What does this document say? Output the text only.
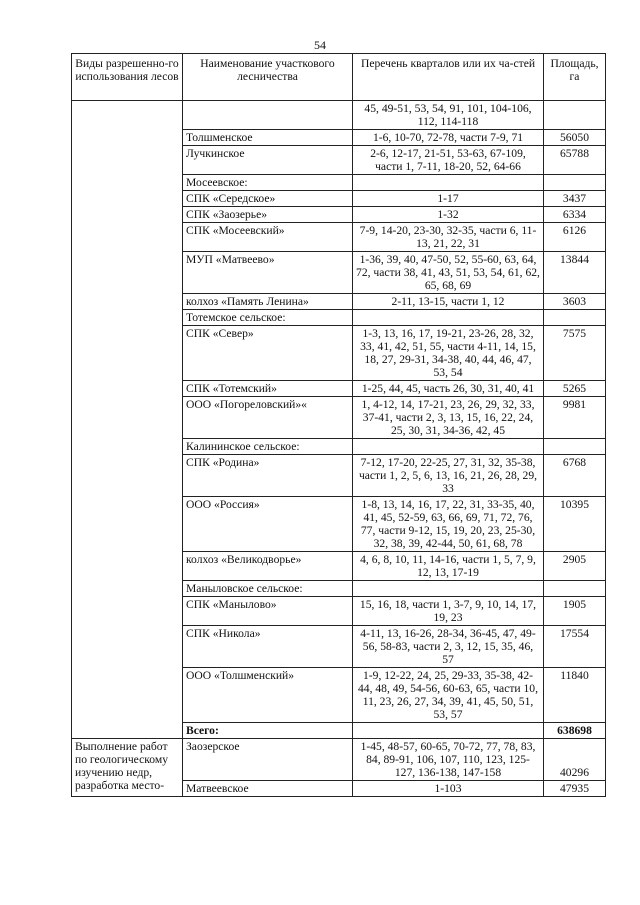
54
Виды разрешенно-го использования лесов	Наименование участкового лесничества	Перечень кварталов или их ча-стей	Площадь, га
		45, 49-51, 53, 54, 91, 101, 104-106, 112, 114-118	
	Толшменское	1-6, 10-70, 72-78, части 7-9, 71	56050
	Лучкинское	2-6, 12-17, 21-51, 53-63, 67-109, части 1, 7-11, 18-20, 52, 64-66	65788
	Мосеевское:		
	СПК «Середское»	1-17	3437
	СПК «Заозерье»	1-32	6334
	СПК «Мосеевский»	7-9, 14-20, 23-30, 32-35, части 6, 11-13, 21, 22, 31	6126
	МУП «Матвеево»	1-36, 39, 40, 47-50, 52, 55-60, 63, 64, 72, части 38, 41, 43, 51, 53, 54, 61, 62, 65, 68, 69	13844
	колхоз «Память Ленина»	2-11, 13-15, части 1, 12	3603
	Тотемское сельское:		
	СПК «Север»	1-3, 13, 16, 17, 19-21, 23-26, 28, 32, 33, 41, 42, 51, 55, части 4-11, 14, 15, 18, 27, 29-31, 34-38, 40, 44, 46, 47, 53, 54	7575
	СПК «Тотемский»	1-25, 44, 45, часть 26, 30, 31, 40, 41	5265
	ООО «Погореловский»«	1, 4-12, 14, 17-21, 23, 26, 29, 32, 33, 37-41, части 2, 3, 13, 15, 16, 22, 24, 25, 30, 31, 34-36, 42, 45	9981
	Калининское сельское:		
	СПК «Родина»	7-12, 17-20, 22-25, 27, 31, 32, 35-38, части 1, 2, 5, 6, 13, 16, 21, 26, 28, 29, 33	6768
	ООО «Россия»	1-8, 13, 14, 16, 17, 22, 31, 33-35, 40, 41, 45, 52-59, 63, 66, 69, 71, 72, 76, 77, части 9-12, 15, 19, 20, 23, 25-30, 32, 38, 39, 42-44, 50, 61, 68, 78	10395
	колхоз «Великодворье»	4, 6, 8, 10, 11, 14-16, части 1, 5, 7, 9, 12, 13, 17-19	2905
	Маныловское сельское:		
	СПК «Манылово»	15, 16, 18, части 1, 3-7, 9, 10, 14, 17, 19, 23	1905
	СПК «Никола»	4-11, 13, 16-26, 28-34, 36-45, 47, 49-56, 58-83, части 2, 3, 12, 15, 35, 46, 57	17554
	ООО «Толшменский»	1-9, 12-22, 24, 25, 29-33, 35-38, 42-44, 48, 49, 54-56, 60-63, 65, части 10, 11, 23, 26, 27, 34, 39, 41, 45, 50, 51, 53, 57	11840
	Всего:		638698
Выполнение работ по геологическому изучению недр, разработка место-	Заозерское	1-45, 48-57, 60-65, 70-72, 77, 78, 83, 84, 89-91, 106, 107, 110, 123, 125-127, 136-138, 147-158	40296
	Матвеевское	1-103	47935
